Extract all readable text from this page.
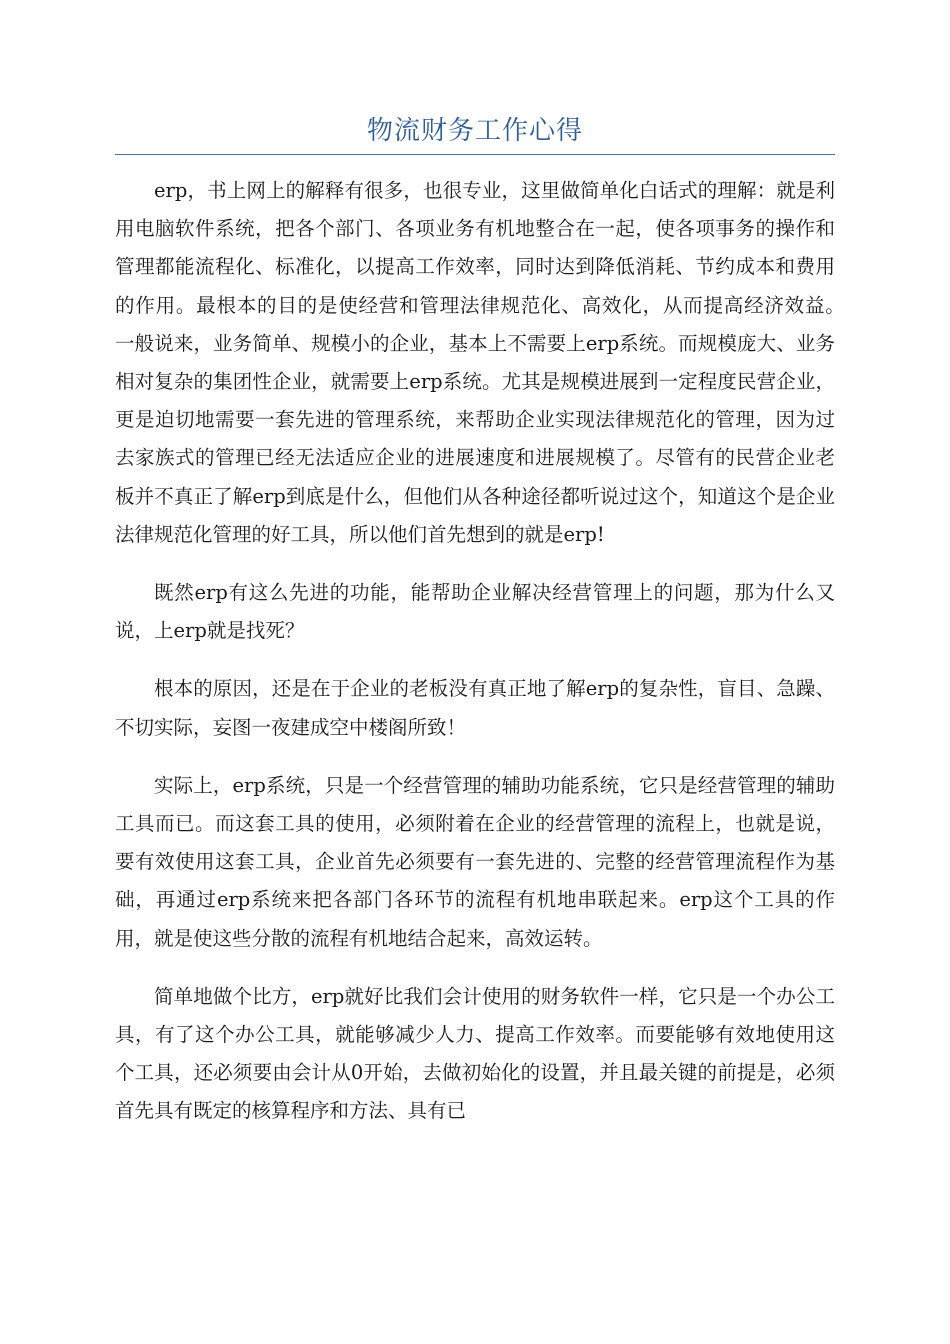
物流财务工作心得

erp，书上网上的解释有很多，也很专业，这里做简单化白话式的理解：就是利用电脑软件系统，把各个部门、各项业务有机地整合在一起，使各项事务的操作和管理都能流程化、标准化，以提高工作效率，同时达到降低消耗、节约成本和费用的作用。最根本的目的是使经营和管理法律规范化、高效化，从而提高经济效益。　一般说来，业务简单、规模小的企业，基本上不需要上erp系统。而规模庞大、业务相对复杂的集团性企业，就需要上erp系统。尤其是规模进展到一定程度民营企业，更是迫切地需要一套先进的管理系统，来帮助企业实现法律规范化的管理，因为过去家族式的管理已经无法适应企业的进展速度和进展规模了。尽管有的民营企业老板并不真正了解erp到底是什么，但他们从各种途径都听说过这个，知道这个是企业法律规范化管理的好工具，所以他们首先想到的就是erp!

既然erp有这么先进的功能，能帮助企业解决经营管理上的问题，那为什么又说，上erp就是找死？

根本的原因，还是在于企业的老板没有真正地了解erp的复杂性，盲目、急躁、不切实际，妄图一夜建成空中楼阁所致！

实际上，erp系统，只是一个经营管理的辅助功能系统，它只是经营管理的辅助工具而已。而这套工具的使用，必须附着在企业的经营管理的流程上，也就是说，要有效使用这套工具，企业首先必须要有一套先进的、完整的经营管理流程作为基础，再通过erp系统来把各部门各环节的流程有机地串联起来。erp这个工具的作用，就是使这些分散的流程有机地结合起来，高效运转。

简单地做个比方，erp就好比我们会计使用的财务软件一样，它只是一个办公工具，有了这个办公工具，就能够减少人力、提高工作效率。而要能够有效地使用这个工具，还必须要由会计从0开始，去做初始化的设置，并且最关键的前提是，必须首先具有既定的核算程序和方法、具有已
